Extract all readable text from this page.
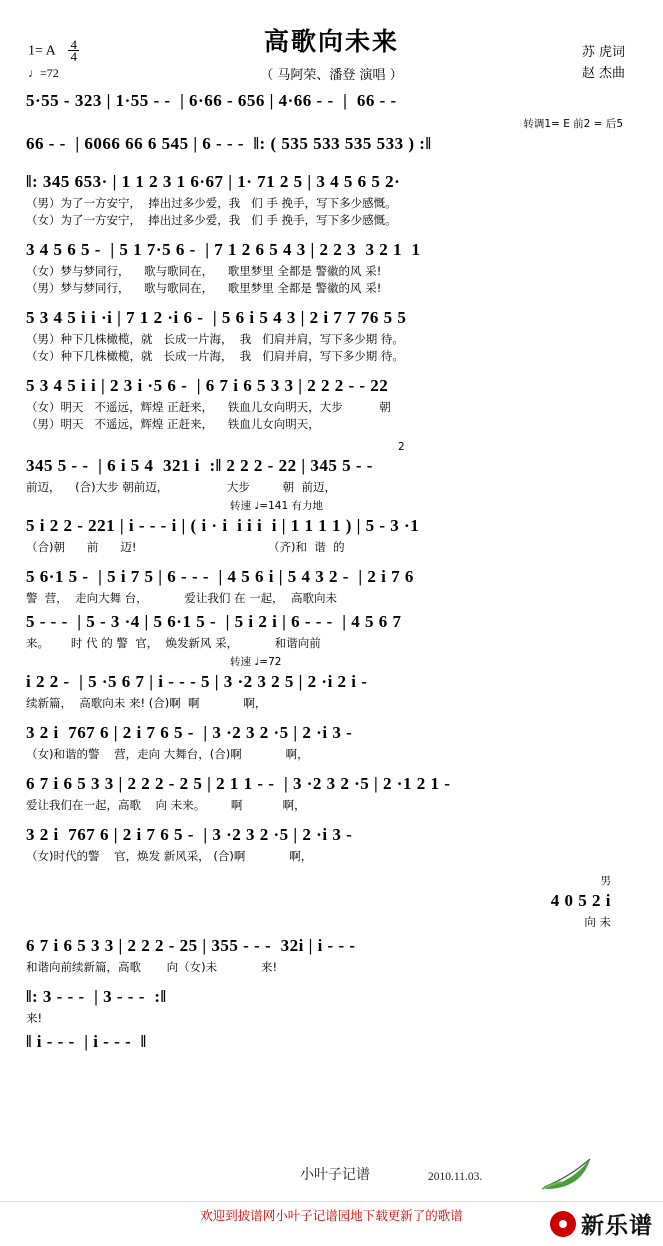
高歌向未来
（ 马阿荣、潘登 演唱 ）
苏 虎词
赵 杰曲
1= A $\frac{4}{4}$
♩=72
5·55 - 323 | 1·55 - -  | 6·66 - 656 | 4·66 - -  |  66 - -
转调1= E 前2 = 后5
66 - -  | 6066 66 6 545 | 6 - - -  ‖: ( 535 533 535 533 ) :‖
‖: 345 653· | 1 1 2 3 1 6·67 | 1· 71 2 5 | 3 4 5 6 5 2·
（男）为了一方安宁，  捧出过多少爱，我   们 手 挽手，写下多少感慨。
（女）为了一方安宁，  捧出过多少爱，我   们 手 挽手，写下多少感慨。
3 4 5 6 5 -  | 5 1 7·5 6 -  | 7 1 2 6 5 4 3 | 2 2 3  3 2 1  1
（女）梦与梦同行，    歌与歌同在，    歌里梦里 全都是 警徽的风 采!
（男）梦与梦同行，    歌与歌同在，    歌里梦里 全都是 警徽的风 采!
5 3 4 5 i i ·i | 7 1 2 ·i 6 -  | 5 6 i 5 4 3 | 2 i 7 7 76 5 5
（男）种下几株橄榄，就   长成一片海，  我   们肩并肩，写下多少期 待。
（女）种下几株橄榄，就   长成一片海，  我   们肩并肩，写下多少期 待。
5 3 4 5 i i | 2 3 i ·5 6 -  | 6 7 i 6 5 3 3 | 2 2 2 - - 22
（女）明天   不遥远，辉煌 正赶来，    铁血儿女向明天，大步          朝
（男）明天   不遥远，辉煌 正赶来，    铁血儿女向明天，
2
345 5 - -  | 6 i 5 4  321 i  :‖ 2 2 2 - 22 | 345 5 - -
前迈，    (合)大步 朝前迈，                大步         朝  前迈，
转速 ♩=141 有力地
5 i 2 2 - 221 | i - - - i | ( i · i  i i i  i | 1 1 1 1 ) | 5 - 3 ·1
（合)朝      前      迈!                                    （齐)和  谐  的
5 6·1 5 -  | 5 i 7 5 | 6 - - -  | 4 5 6 i | 5 4 3 2 -  | 2 i 7 6
警  营，  走向大舞 台，          爱让我们 在 一起，  高歌向未
5 - - -  | 5 - 3 ·4 | 5 6·1 5 -  | 5 i 2 i | 6 - - -  | 4 5 6 7
来。      时 代 的 警  官，  焕发新风 采，          和谐向前
转速 ♩=72
i 2 2 -  | 5 ·5 6 7 | i - - - 5 | 3 ·2 3 2 5 | 2 ·i 2 i -
续新篇，  高歌向未 来! (合)啊  啊            啊，
3 2 i  767 6 | 2 i 7 6 5 -  | 3 ·2 3 2 ·5 | 2 ·i 3 -
（女)和谐的警    营，走向 大舞台，(合)啊            啊，
6 7 i 6 5 3 3 | 2 2 2 - 2 5 | 2 1 1 - -  | 3 ·2 3 2 ·5 | 2 ·1 2 1 -
爱让我们在一起，高歌    向 未来。       啊           啊，
3 2 i  767 6 | 2 i 7 6 5 -  | 3 ·2 3 2 ·5 | 2 ·i 3 -
（女)时代的警    官，焕发 新风采， (合)啊            啊，
男
4 0 5 2 i
向 未
6 7 i 6 5 3 3 | 2 2 2 - 25 | 355 - - -  32i | i - - -
和谐向前续新篇，高歌       向（女)未            来!
‖: 3 - - -  | 3 - - -  :‖
来!
‖ i - - -  | i - - -  ‖
小叶子记谱	2010.11.03.
欢迎到披谱网小叶子记谱园地下载更新了的歌谱	新乐谱
